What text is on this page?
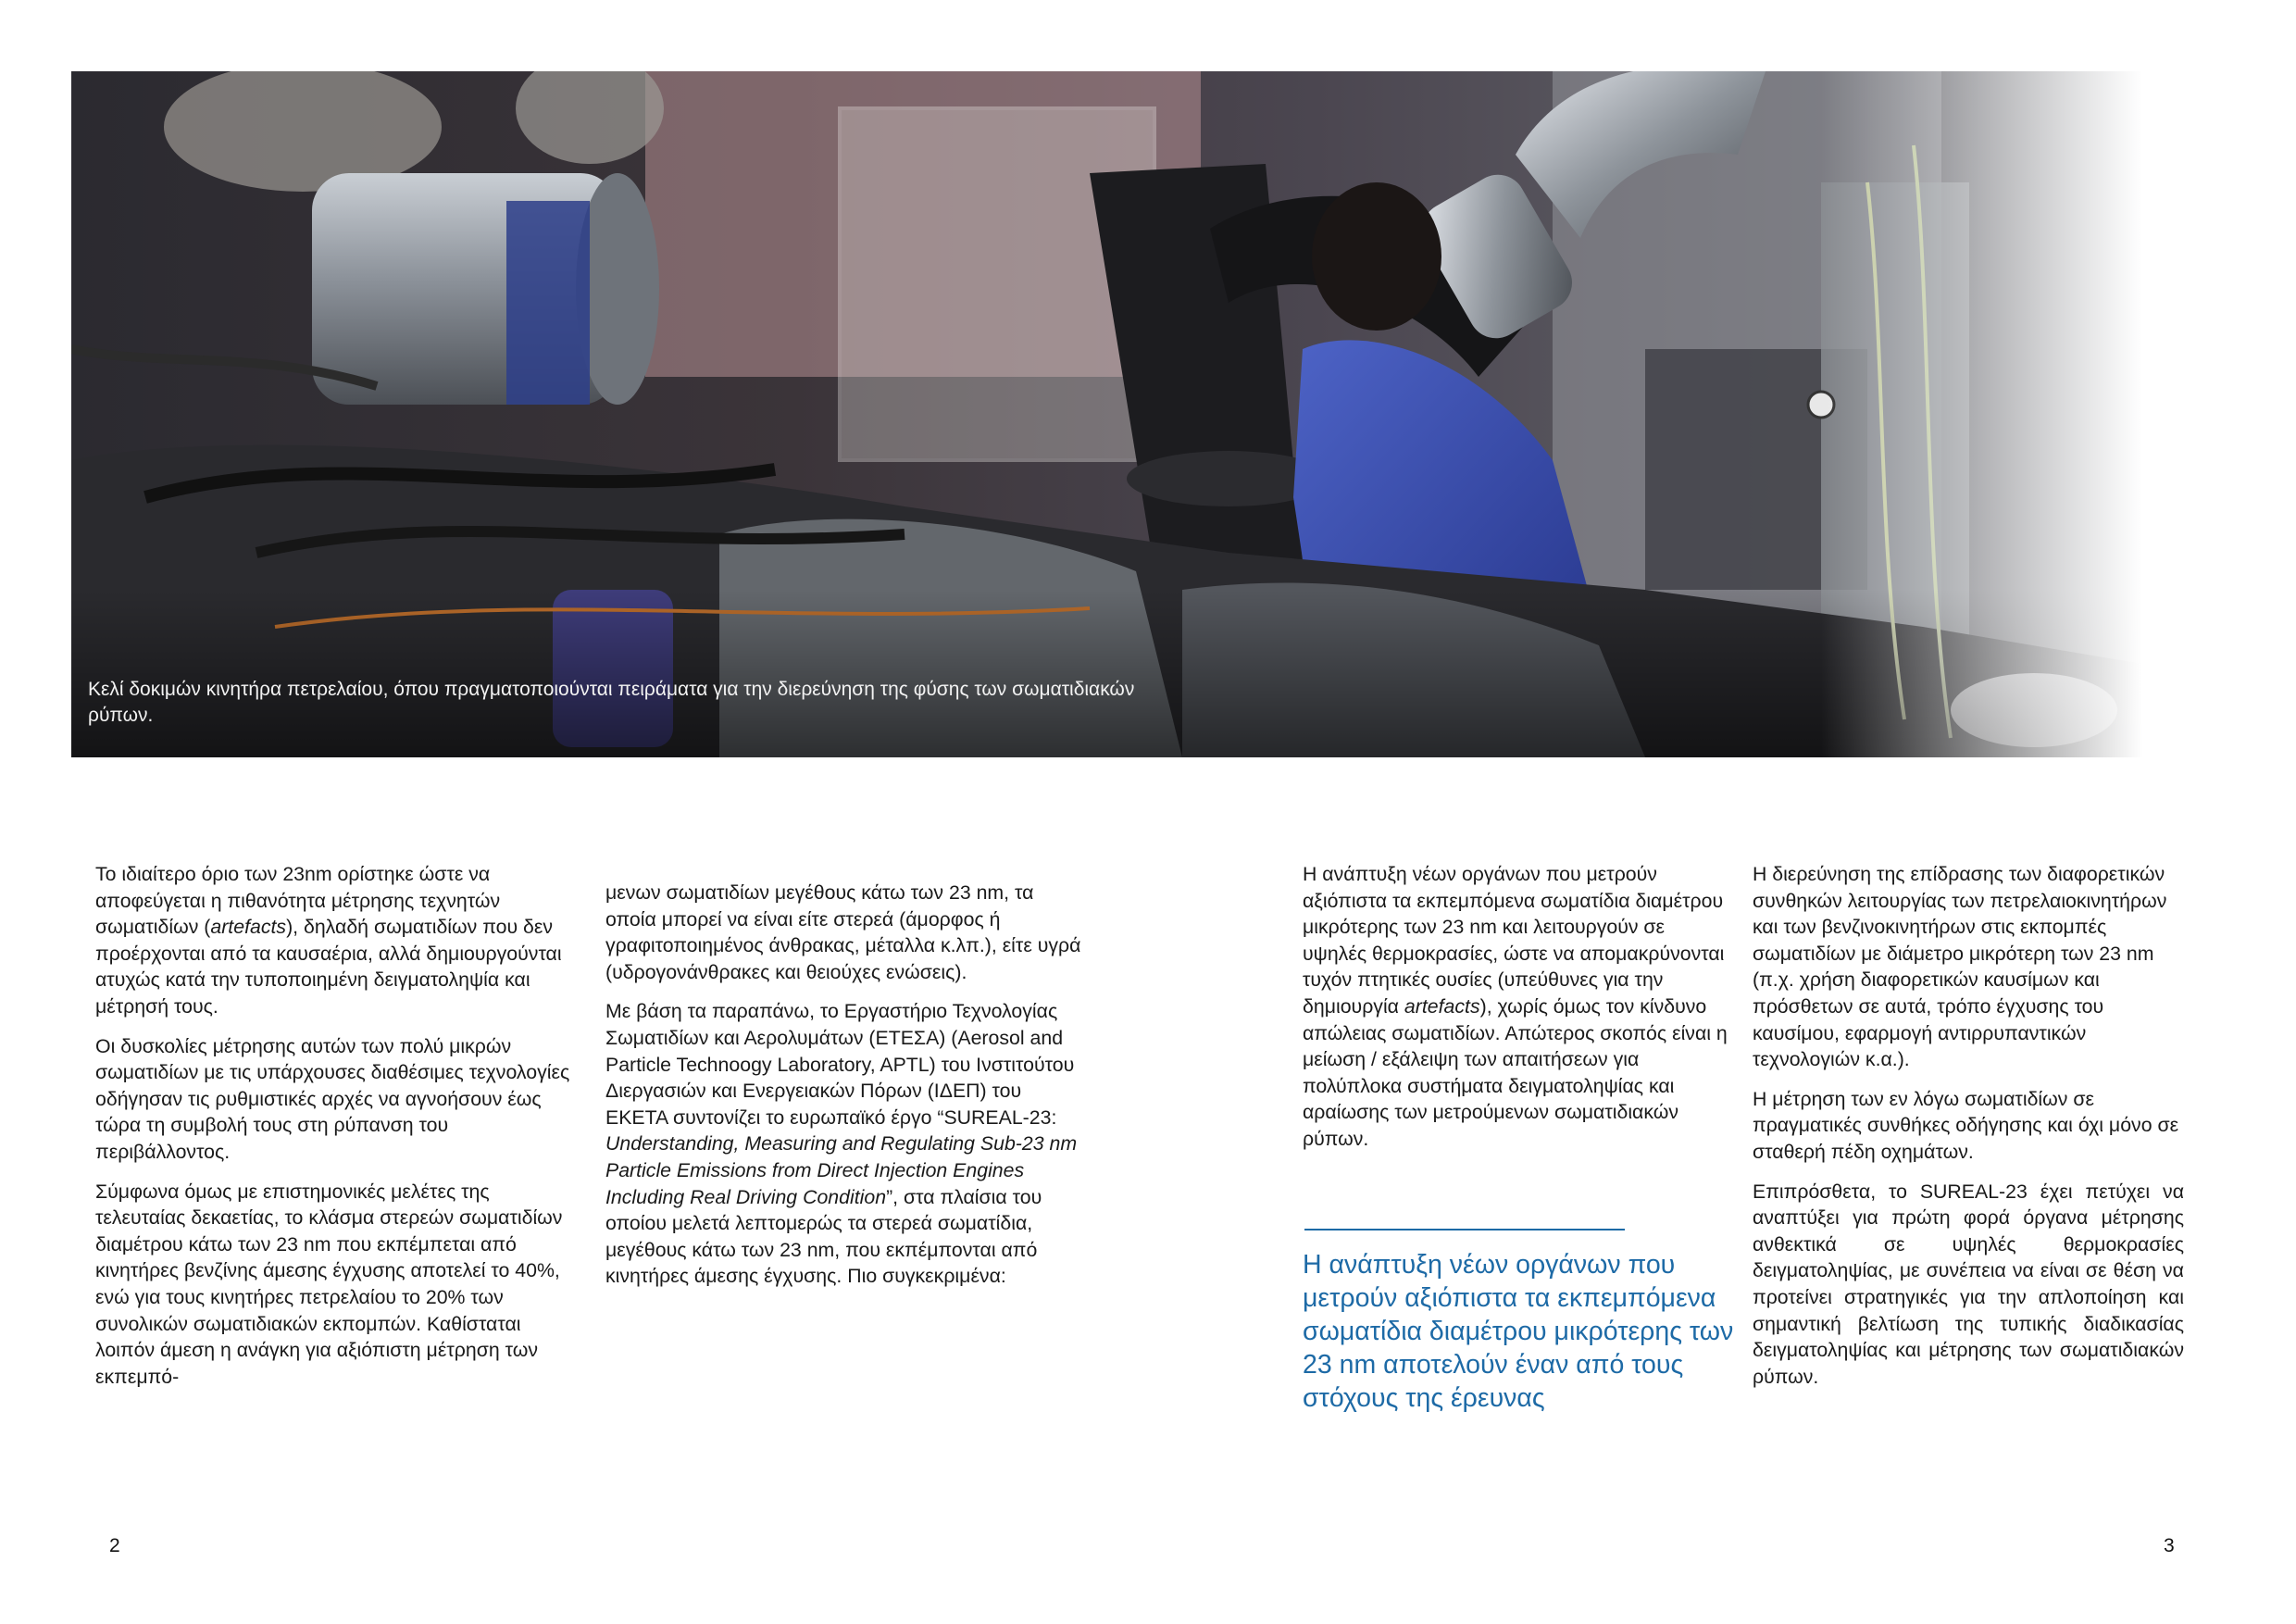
Κελί δοκιμών κινητήρα πετρελαίου, όπου πραγματοποιούνται πειράματα για την διερεύνηση της φύσης των σωματιδιακών ρύπων.

Το ιδιαίτερο όριο των 23nm ορίστηκε ώστε να αποφεύγεται η πιθανότητα μέτρησης τεχνητών σωματιδίων (artefacts), δηλαδή σωματιδίων που δεν προέρχονται από τα καυσαέρια, αλλά δημιουργούνται ατυχώς κατά την τυποποιημένη δειγματοληψία και μέτρησή τους.

Οι δυσκολίες μέτρησης αυτών των πολύ μικρών σωματιδίων με τις υπάρχουσες διαθέσιμες τεχνολογίες οδήγησαν τις ρυθμιστικές αρχές να αγνοήσουν έως τώρα τη συμβολή τους στη ρύπανση του περιβάλλοντος.

Σύμφωνα όμως με επιστημονικές μελέτες της τελευταίας δεκαετίας, το κλάσμα στερεών σωματιδίων διαμέτρου κάτω των 23 nm που εκπέμπεται από κινητήρες βενζίνης άμεσης έγχυσης αποτελεί το 40%, ενώ για τους κινητήρες πετρελαίου το 20% των συνολικών σωματιδιακών εκπομπών. Καθίσταται λοιπόν άμεση η ανάγκη για αξιόπιστη μέτρηση των εκπεμπό-

μενων σωματιδίων μεγέθους κάτω των 23 nm, τα οποία μπορεί να είναι είτε στερεά (άμορφος ή γραφιτοποιημένος άνθρακας, μέταλλα κ.λπ.), είτε υγρά (υδρογονάνθρακες και θειούχες ενώσεις).

Με βάση τα παραπάνω, το Εργαστήριο Τεχνολογίας Σωματιδίων και Αερολυμάτων (ΕΤΕΣΑ) (Aerosol and Particle Technoogy Laboratory, APTL) του Ινστιτούτου Διεργασιών και Ενεργειακών Πόρων (ΙΔΕΠ) του ΕΚΕΤΑ συντονίζει το ευρωπαϊκό έργο “SUREAL-23: Understanding, Measuring and Regulating Sub-23 nm Particle Emissions from Direct Injection Engines Including Real Driving Condition”, στα πλαίσια του οποίου μελετά λεπτομερώς τα στερεά σωματίδια, μεγέθους κάτω των 23 nm, που εκπέμπονται από κινητήρες άμεσης έγχυσης. Πιο συγκεκριμένα:

2

Η ανάπτυξη νέων οργάνων που μετρούν αξιόπιστα τα εκπεμπόμενα σωματίδια διαμέτρου μικρότερης των 23 nm και λειτουργούν σε υψηλές θερμοκρασίες, ώστε να απομακρύνονται τυχόν πτητικές ουσίες (υπεύθυνες για την δημιουργία artefacts), χωρίς όμως τον κίνδυνο απώλειας σωματιδίων. Απώτερος σκοπός είναι η μείωση / εξάλειψη των απαιτήσεων για πολύπλοκα συστήματα δειγματοληψίας και αραίωσης των μετρούμενων σωματιδιακών ρύπων.

Η ανάπτυξη νέων οργάνων που μετρούν αξιόπιστα τα εκπεμπόμενα σωματίδια διαμέτρου μικρότερης των 23 nm αποτελούν έναν από τους στόχους της έρευνας

Η διερεύνηση της επίδρασης των διαφορετικών συνθηκών λειτουργίας των πετρελαιοκινητήρων και των βενζινοκινητήρων στις εκπομπές σωματιδίων με διάμετρο μικρότερη των 23 nm (π.χ. χρήση διαφορετικών καυσίμων και πρόσθετων σε αυτά, τρόπο έγχυσης του καυσίμου, εφαρμογή αντιρρυπαντικών τεχνολογιών κ.α.).

Η μέτρηση των εν λόγω σωματιδίων σε πραγματικές συνθήκες οδήγησης και όχι μόνο σε σταθερή πέδη οχημάτων.

Επιπρόσθετα, το SUREAL-23 έχει πετύχει να αναπτύξει για πρώτη φορά όργανα μέτρησης ανθεκτικά σε υψηλές θερμοκρασίες δειγματοληψίας, με συνέπεια να είναι σε θέση να προτείνει στρατηγικές για την απλοποίηση και σημαντική βελτίωση της τυπικής διαδικασίας δειγματοληψίας και μέτρησης των σωματιδιακών ρύπων.

3
